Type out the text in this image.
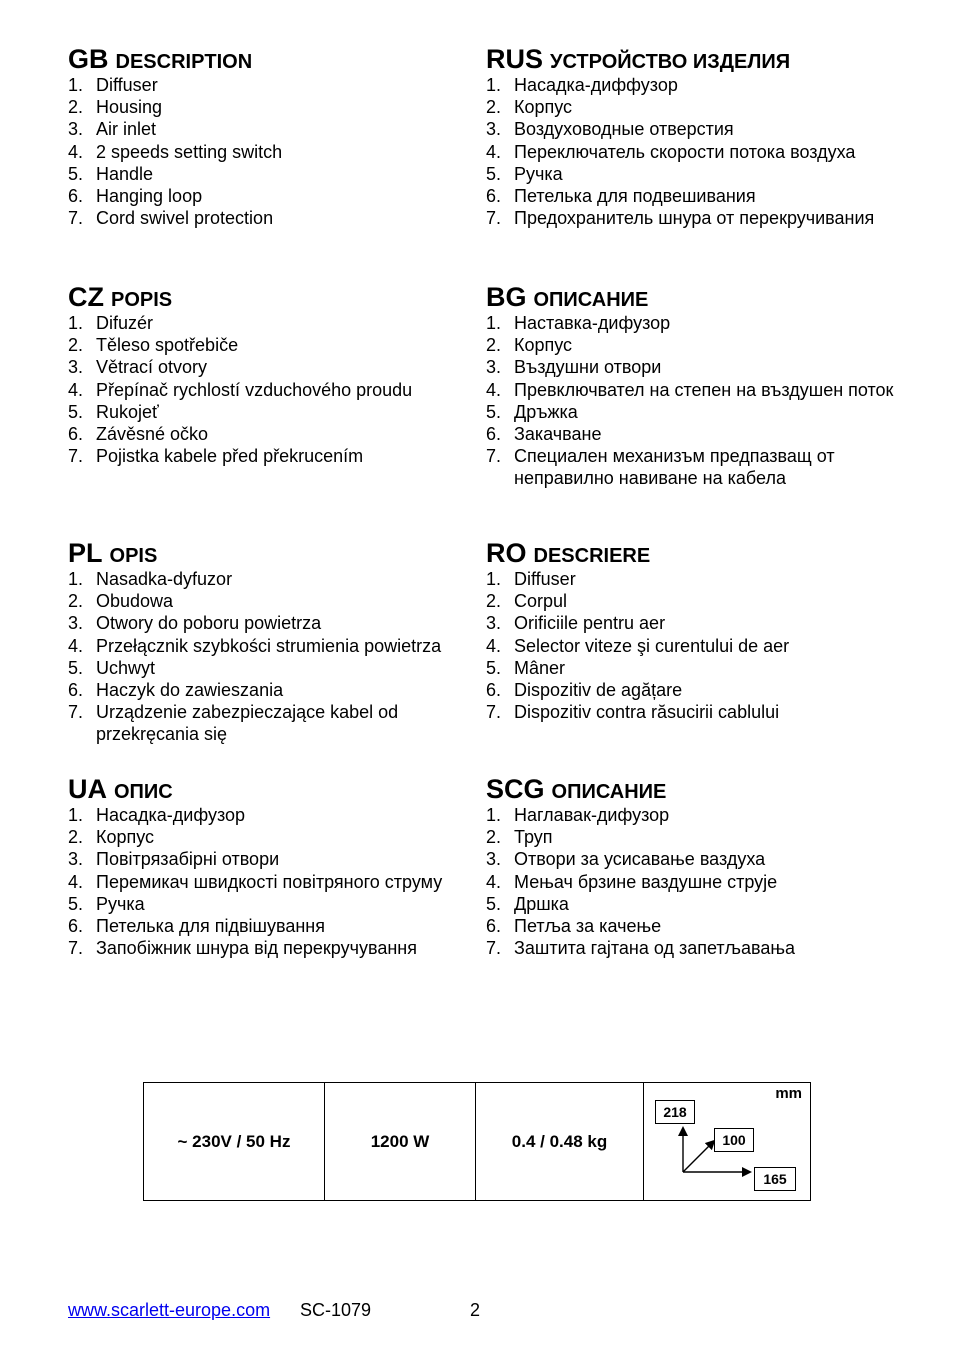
GB DESCRIPTION
1. Diffuser
2. Housing
3. Air inlet
4. 2 speeds setting switch
5. Handle
6. Hanging loop
7. Cord swivel protection
CZ POPIS
1. Difuzér
2. Těleso spotřebiče
3. Větrací otvory
4. Přepínač rychlostí vzduchového proudu
5. Rukojeť
6. Závěsné očko
7. Pojistka kabele před překrucením
PL OPIS
1. Nasadka-dyfuzor
2. Obudowa
3. Otwory do poboru powietrza
4. Przełącznik szybkości strumienia powietrza
5. Uchwyt
6. Haczyk do zawieszania
7. Urządzenie zabezpieczające kabel od przekręcania się
UA ОПИС
1. Насадка-дифузор
2. Корпус
3. Повітрязабірні отвори
4. Перемикач швидкості повітряного струму
5. Ручка
6. Петелька для підвішування
7. Запобіжник шнура від перекручування
RUS УСТРОЙСТВО ИЗДЕЛИЯ
1. Насадка-диффузор
2. Корпус
3. Воздуховодные отверстия
4. Переключатель скорости потока воздуха
5. Ручка
6. Петелька для подвешивания
7. Предохранитель шнура от перекручивания
BG ОПИСАНИЕ
1. Наставка-дифузор
2. Корпус
3. Въздушни отвори
4. Превключвател на степен на въздушен поток
5. Дръжка
6. Закачване
7. Специален механизъм предпазващ от неправилно навиване на кабела
RO DESCRIERE
1. Diffuser
2. Corpul
3. Orificiile pentru aer
4. Selector viteze şi curentului de aer
5. Mâner
6. Dispozitiv de agățare
7. Dispozitiv contra răsucirii cablului
SCG ОПИСАНИЕ
1. Наглавак-дифузор
2. Труп
3. Отвори за усисавање ваздуха
4. Мењач брзине ваздушне струје
5. Дршка
6. Петља за качење
7. Заштита гајтана од запетљавања
~ 230V / 50 Hz	1200 W	0.4 / 0.48 kg	
mm
218
100
165
www.scarlett-europe.com SC-1079	2
